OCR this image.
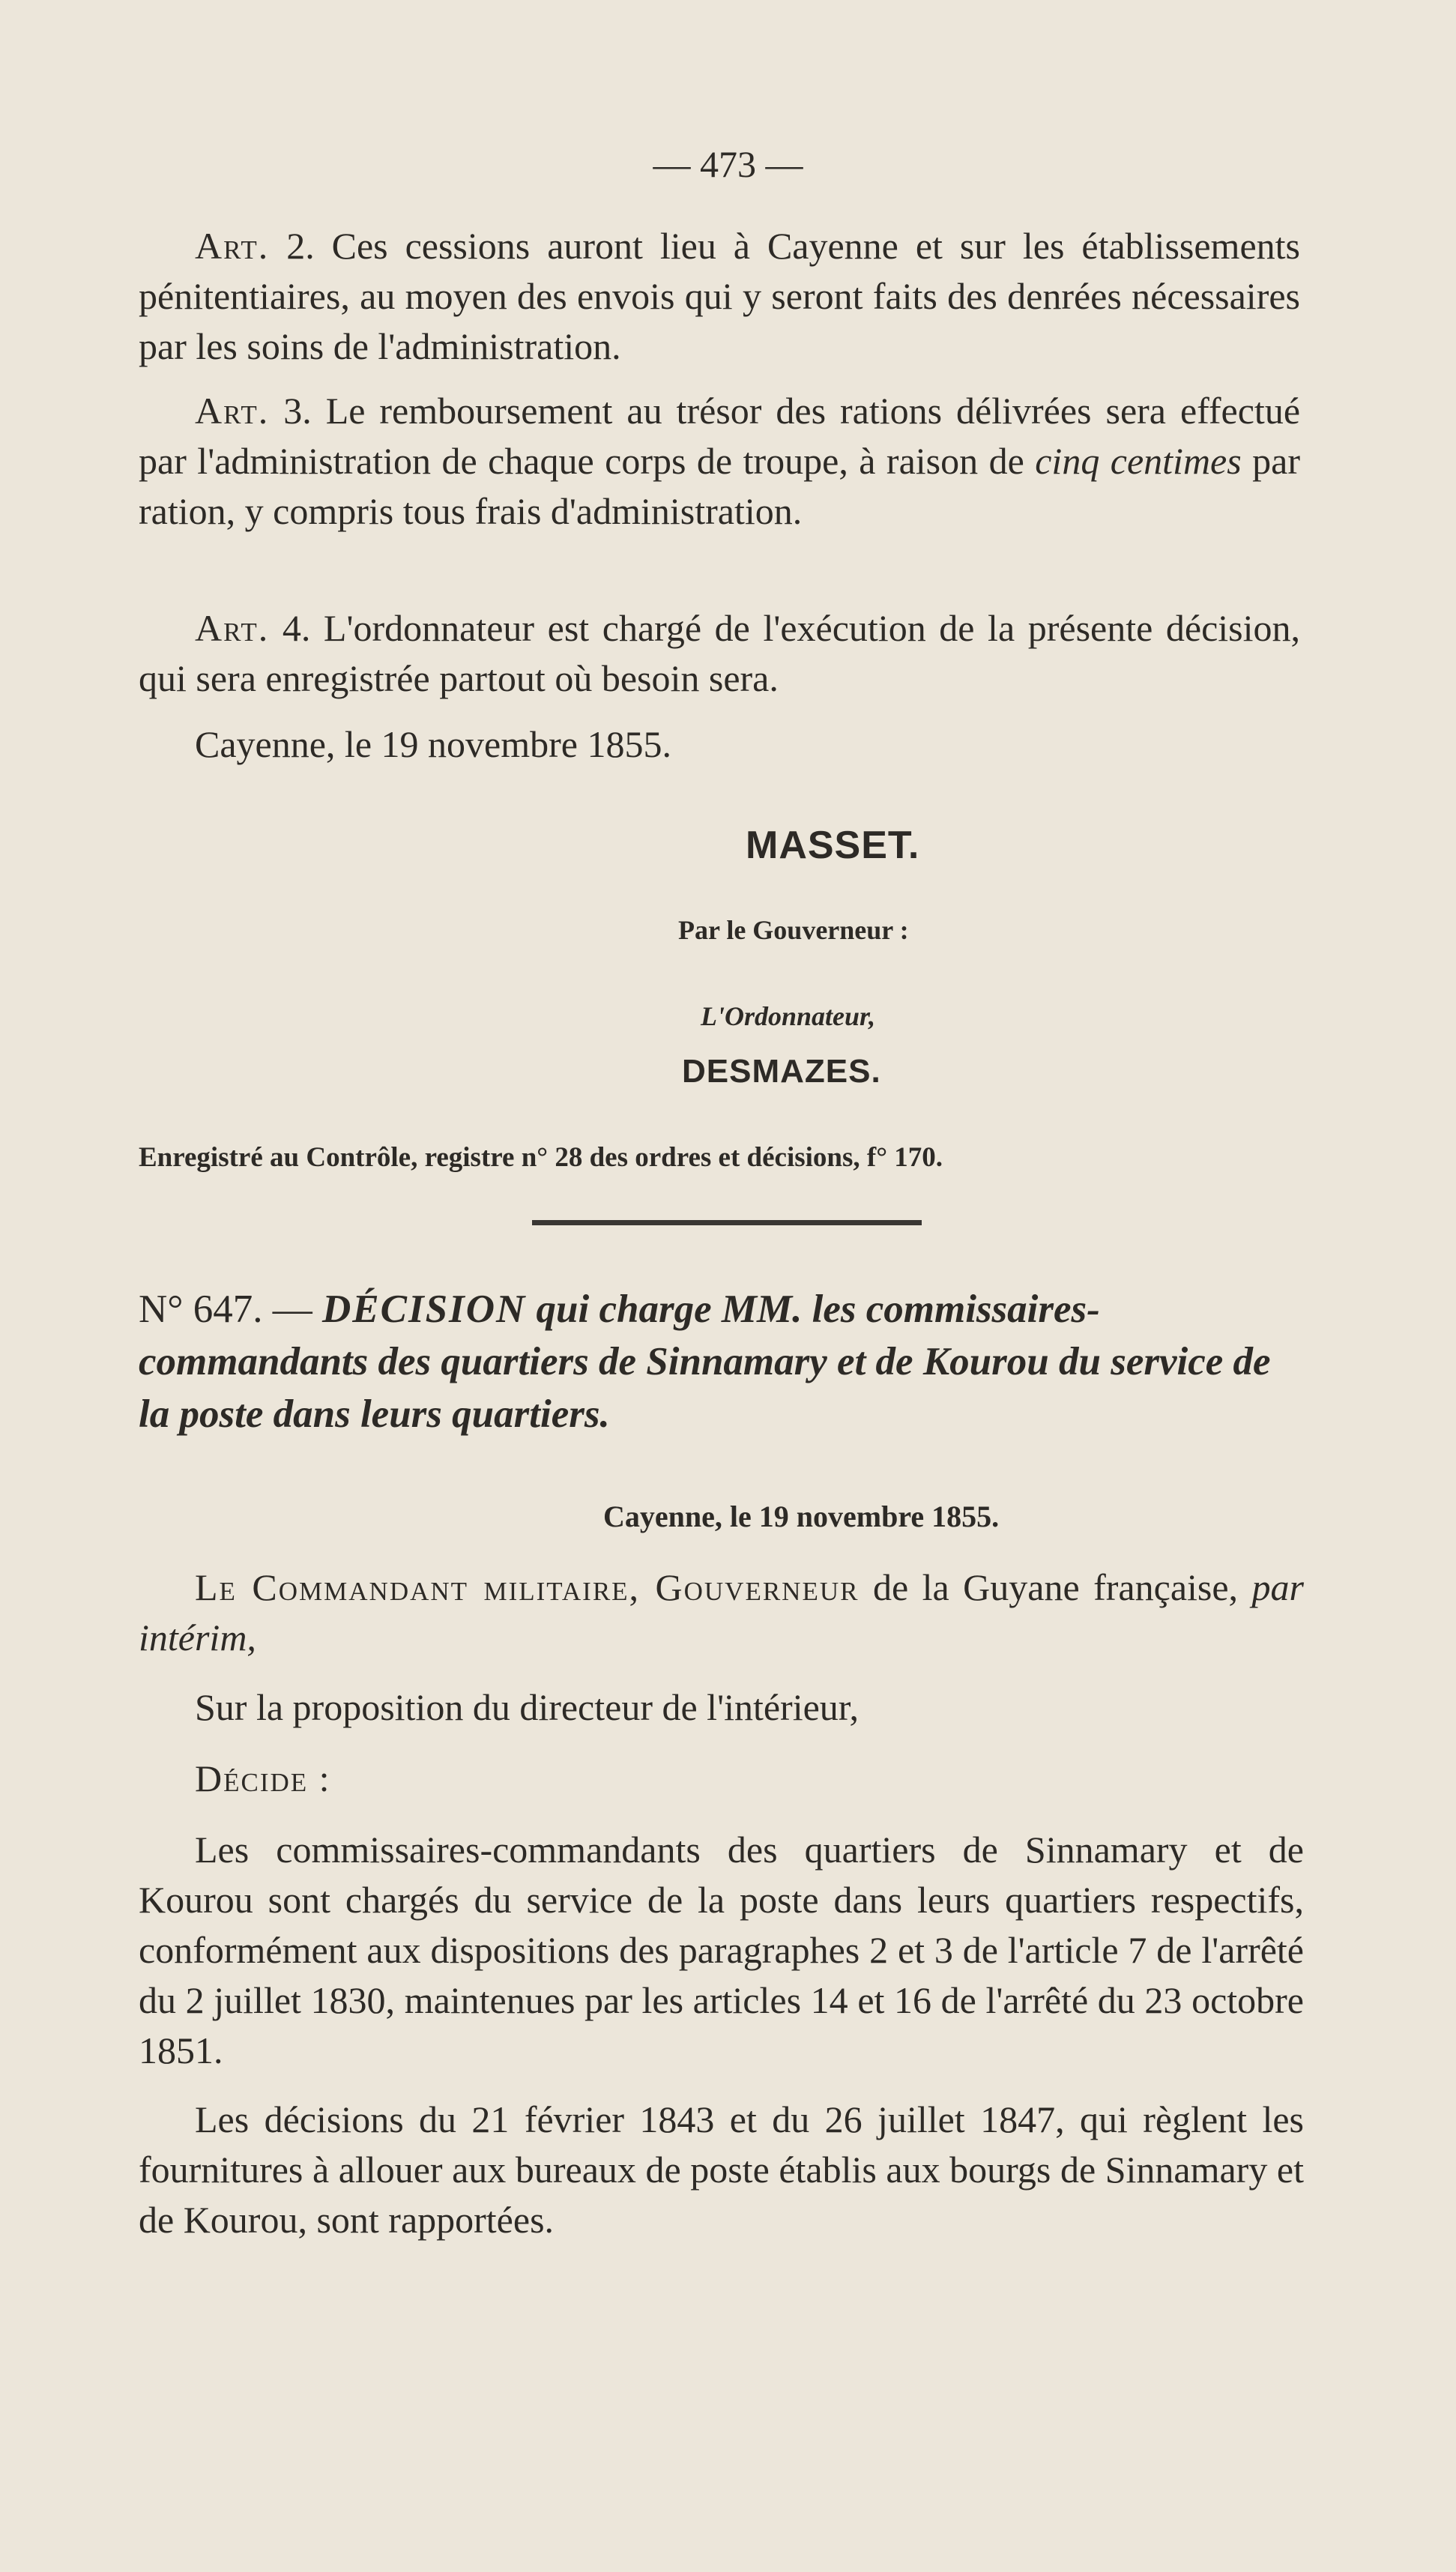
— 473 —
Art. 2. Ces cessions auront lieu à Cayenne et sur les établissements pénitentiaires, au moyen des envois qui y seront faits des denrées nécessaires par les soins de l'administration.
Art. 3. Le remboursement au trésor des rations délivrées sera effectué par l'administration de chaque corps de troupe, à raison de cinq centimes par ration, y compris tous frais d'administration.
Art. 4. L'ordonnateur est chargé de l'exécution de la présente décision, qui sera enregistrée partout où besoin sera.
Cayenne, le 19 novembre 1855.
MASSET.
Par le Gouverneur :
L'Ordonnateur,
DESMAZES.
Enregistré au Contrôle, registre n° 28 des ordres et décisions, f° 170.
N° 647. — DÉCISION qui charge MM. les commissaires-commandants des quartiers de Sinnamary et de Kourou du service de la poste dans leurs quartiers.
Cayenne, le 19 novembre 1855.
Le Commandant militaire, Gouverneur de la Guyane française, par intérim,
Sur la proposition du directeur de l'intérieur,
Décide :
Les commissaires-commandants des quartiers de Sinnamary et de Kourou sont chargés du service de la poste dans leurs quartiers respectifs, conformément aux dispositions des paragraphes 2 et 3 de l'article 7 de l'arrêté du 2 juillet 1830, maintenues par les articles 14 et 16 de l'arrêté du 23 octobre 1851.
Les décisions du 21 février 1843 et du 26 juillet 1847, qui règlent les fournitures à allouer aux bureaux de poste établis aux bourgs de Sinnamary et de Kourou, sont rapportées.
